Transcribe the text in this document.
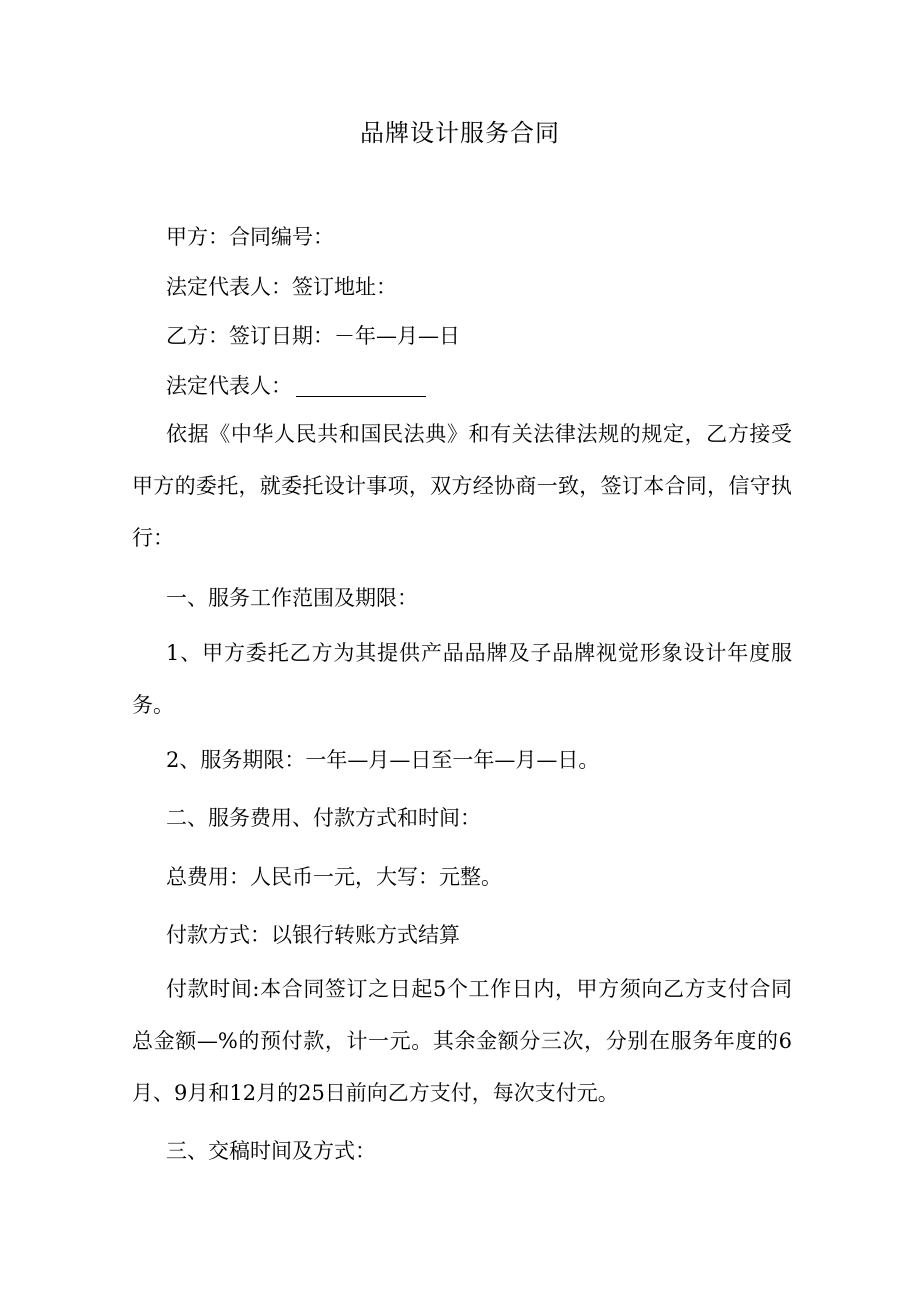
品牌设计服务合同
甲方：合同编号：
法定代表人：签订地址：
乙方：签订日期：－年—月—日
法定代表人：
依据《中华人民共和国民法典》和有关法律法规的规定，乙方接受甲方的委托，就委托设计事项，双方经协商一致，签订本合同，信守执行：
一、服务工作范围及期限：
1、甲方委托乙方为其提供产品品牌及子品牌视觉形象设计年度服务。
2、服务期限：一年—月—日至一年—月—日。
二、服务费用、付款方式和时间：
总费用：人民币一元，大写：元整。
付款方式：以银行转账方式结算
付款时间:本合同签订之日起5个工作日内，甲方须向乙方支付合同总金额—%的预付款，计一元。其余金额分三次，分别在服务年度的6月、9月和12月的25日前向乙方支付，每次支付元。
三、交稿时间及方式：
